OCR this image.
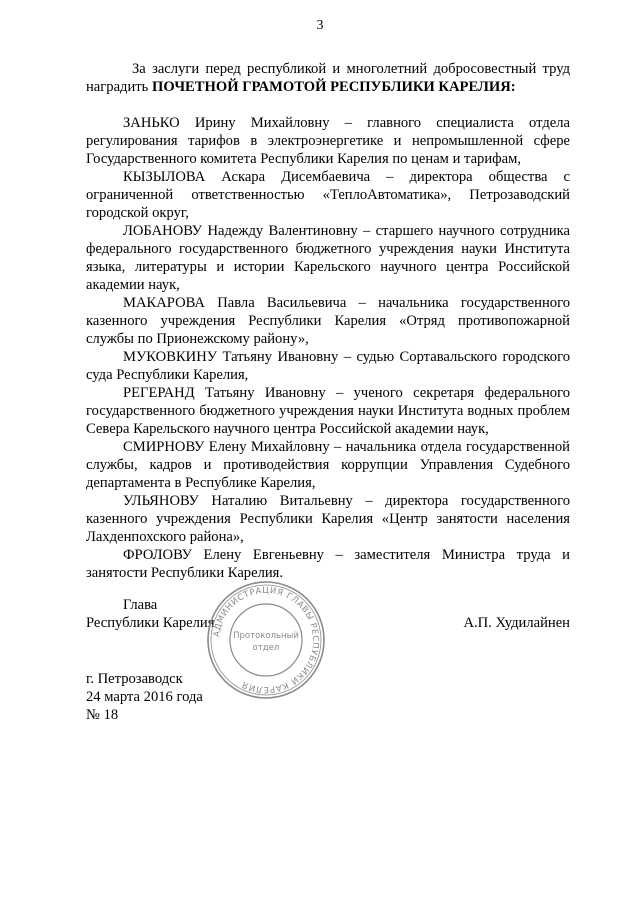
3

За заслуги перед республикой и многолетний добросовестный труд наградить ПОЧЕТНОЙ ГРАМОТОЙ РЕСПУБЛИКИ КАРЕЛИЯ:

ЗАНЬКО Ирину Михайловну – главного специалиста отдела регулирования тарифов в электроэнергетике и непромышленной сфере Государственного комитета Республики Карелия по ценам и тарифам,

КЫЗЫЛОВА Аскара Дисембаевича – директора общества с ограниченной ответственностью «ТеплоАвтоматика», Петрозаводский городской округ,

ЛОБАНОВУ Надежду Валентиновну – старшего научного сотрудника федерального государственного бюджетного учреждения науки Института языка, литературы и истории Карельского научного центра Российской академии наук,

МАКАРОВА Павла Васильевича – начальника государственного казенного учреждения Республики Карелия «Отряд противопожарной службы по Прионежскому району»,

МУКОВКИНУ Татьяну Ивановну – судью Сортавальского городского суда Республики Карелия,

РЕГЕРАНД Татьяну Ивановну – ученого секретаря федерального государственного бюджетного учреждения науки Института водных проблем Севера Карельского научного центра Российской академии наук,

СМИРНОВУ Елену Михайловну – начальника отдела государственной службы, кадров и противодействия коррупции Управления Судебного департамента в Республике Карелия,

УЛЬЯНОВУ Наталию Витальевну – директора государственного казенного учреждения Республики Карелия «Центр занятости населения Лахденпохского района»,

ФРОЛОВУ Елену Евгеньевну – заместителя Министра труда и занятости Республики Карелия.

Глава
Республики Карелия	А.П. Худилайнен
АДМИНИСТРАЦИЯ ГЛАВЫ РЕСПУБЛИКИ КАРЕЛИЯ
Протокольный
отдел
г. Петрозаводск
24 марта 2016 года
№ 18
